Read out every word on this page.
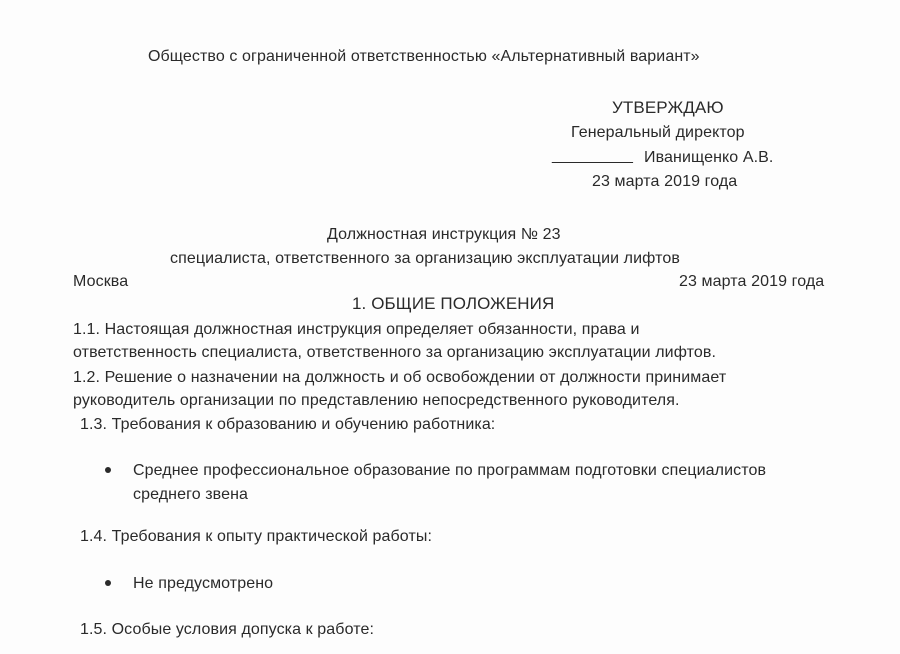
Общество с ограниченной ответственностью «Альтернативный вариант»
УТВЕРЖДАЮ
Генеральный директор
_________ Иванищенко А.В.
23 марта 2019 года
Должностная инструкция № 23
специалиста, ответственного за организацию эксплуатации лифтов
Москва	23 марта 2019 года
1. ОБЩИЕ ПОЛОЖЕНИЯ
1.1. Настоящая должностная инструкция определяет обязанности, права и
ответственность специалиста, ответственного за организацию эксплуатации лифтов.
1.2. Решение о назначении на должность и об освобождении от должности принимает
руководитель организации по представлению непосредственного руководителя.
1.3. Требования к образованию и обучению работника:
Среднее профессиональное образование по программам подготовки специалистов
среднего звена
1.4. Требования к опыту практической работы:
Не предусмотрено
1.5. Особые условия допуска к работе:
